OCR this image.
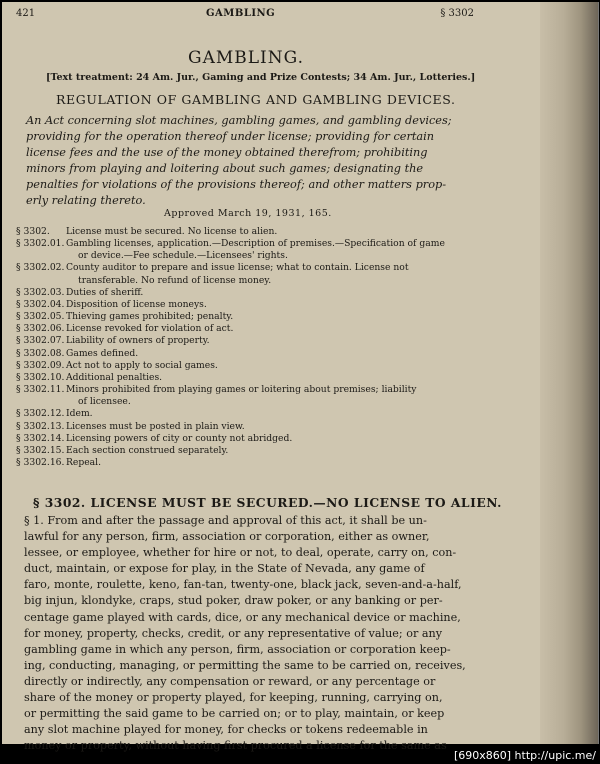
421	GAMBLING	§ 3302
GAMBLING.
[Text treatment: 24 Am. Jur., Gaming and Prize Contests; 34 Am. Jur., Lotteries.]
REGULATION OF GAMBLING AND GAMBLING DEVICES.
An Act concerning slot machines, gambling games, and gambling devices;
providing for the operation thereof under license; providing for certain
license fees and the use of the money obtained therefrom; prohibiting
minors from playing and loitering about such games; designating the
penalties for violations of the provisions thereof; and other matters prop-
erly relating thereto.
Approved March 19, 1931, 165.
§ 3302.	License must be secured. No license to alien.
§ 3302.01. Gambling licenses, application.—Description of premises.—Specification of game
or device.—Fee schedule.—Licensees' rights.
§ 3302.02. County auditor to prepare and issue license; what to contain. License not
transferable. No refund of license money.
§ 3302.03. Duties of sheriff.
§ 3302.04. Disposition of license moneys.
§ 3302.05. Thieving games prohibited; penalty.
§ 3302.06. License revoked for violation of act.
§ 3302.07. Liability of owners of property.
§ 3302.08. Games defined.
§ 3302.09. Act not to apply to social games.
§ 3302.10. Additional penalties.
§ 3302.11. Minors prohibited from playing games or loitering about premises; liability
of licensee.
§ 3302.12. Idem.
§ 3302.13. Licenses must be posted in plain view.
§ 3302.14. Licensing powers of city or county not abridged.
§ 3302.15. Each section construed separately.
§ 3302.16. Repeal.
§ 3302. LICENSE MUST BE SECURED.—NO LICENSE TO ALIEN.
§ 1. From and after the passage and approval of this act, it shall be un-
lawful for any person, firm, association or corporation, either as owner,
lessee, or employee, whether for hire or not, to deal, operate, carry on, con-
duct, maintain, or expose for play, in the State of Nevada, any game of
faro, monte, roulette, keno, fan-tan, twenty-one, black jack, seven-and-a-half,
big injun, klondyke, craps, stud poker, draw poker, or any banking or per-
centage game played with cards, dice, or any mechanical device or machine,
for money, property, checks, credit, or any representative of value; or any
gambling game in which any person, firm, association or corporation keep-
ing, conducting, managing, or permitting the same to be carried on, receives,
directly or indirectly, any compensation or reward, or any percentage or
share of the money or property played, for keeping, running, carrying on,
or permitting the said game to be carried on; or to play, maintain, or keep
any slot machine played for money, for checks or tokens redeemable in
money or property, without having first procured a license for the same as
[690x860] http://upic.me/
